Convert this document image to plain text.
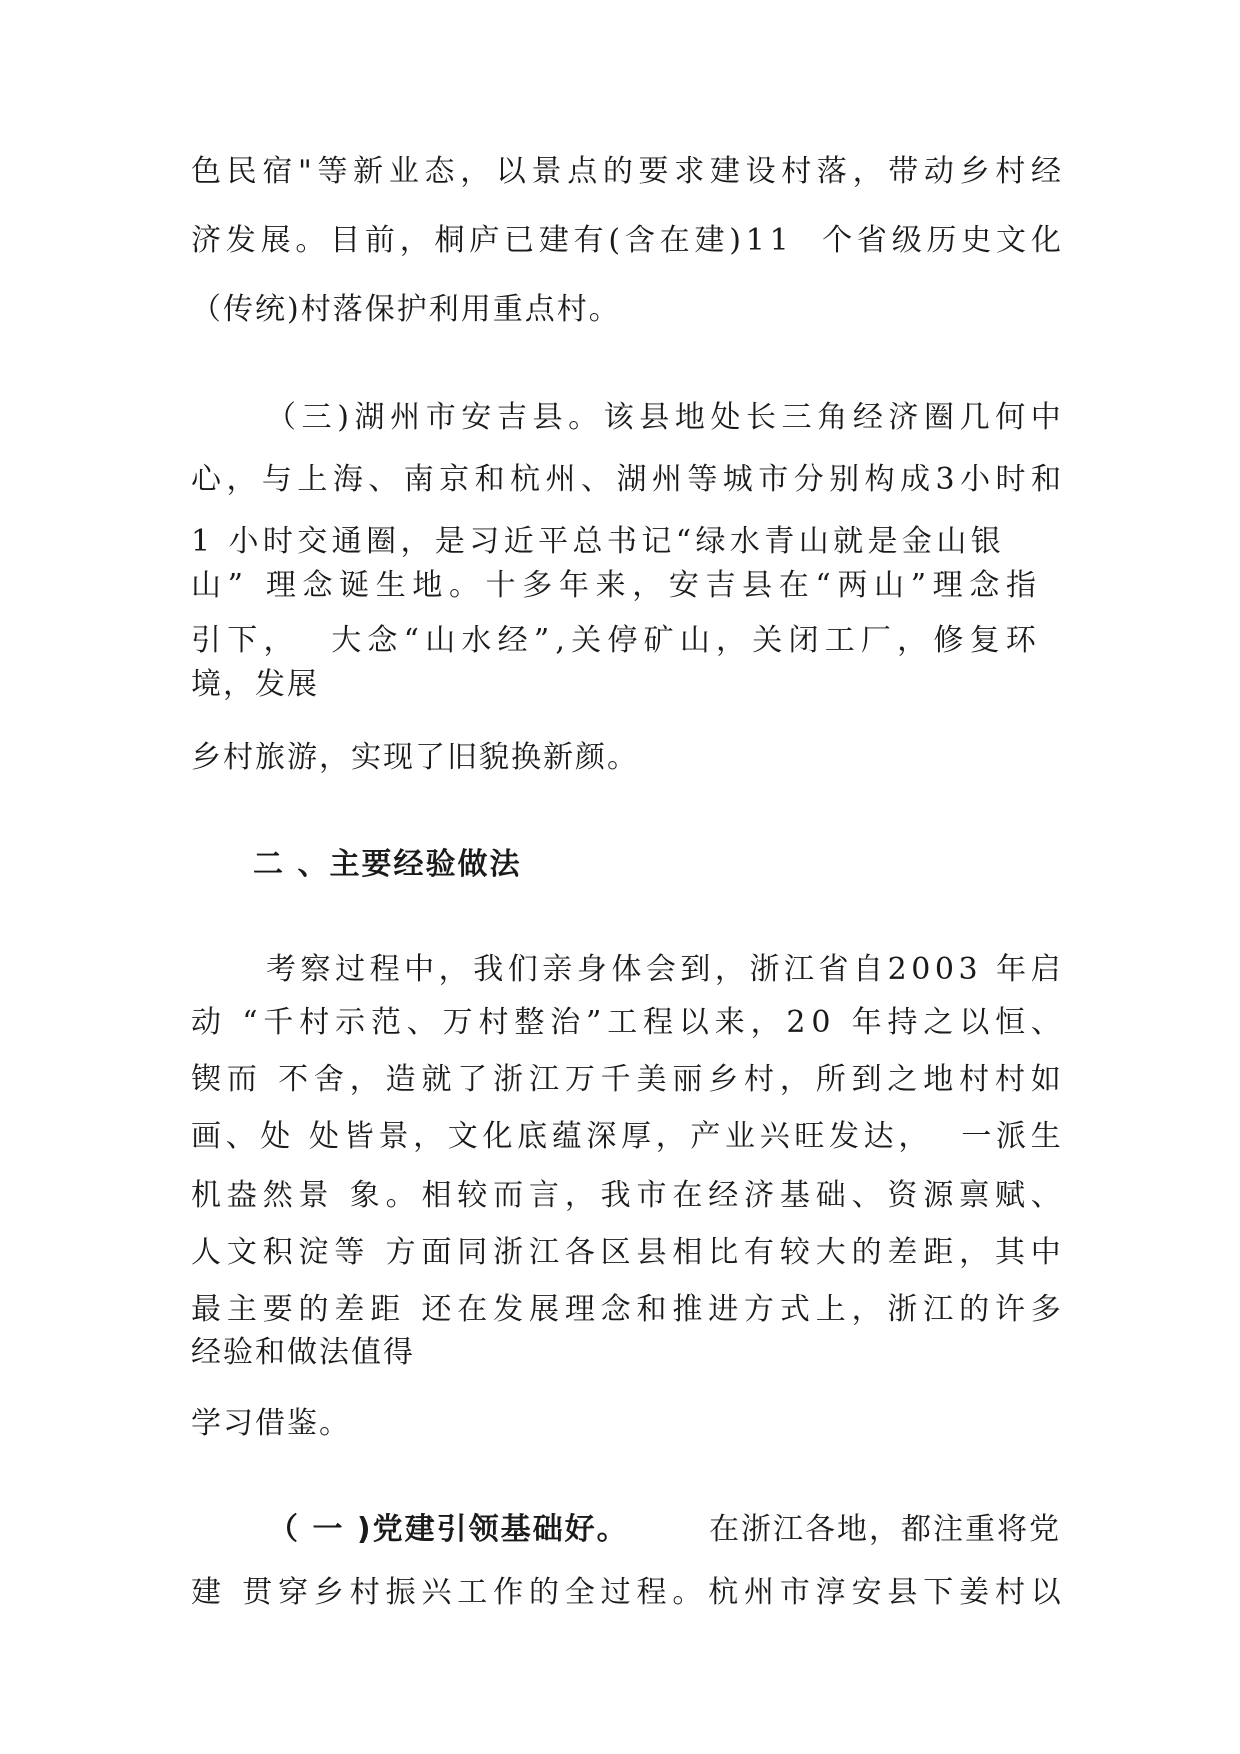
色 民 宿 " 等 新 业 态 ， 以 景 点 的 要 求 建 设 村 落 ， 带 动 乡 村 经
济 发 展 。 目 前 ， 桐 庐 已 建 有 ( 含 在 建 ) 1 1

个 省 级 历 史 文 化
（传统)村落保护利用重点村。
（ 三 ) 湖 州 市 安 吉 县 。 该 县 地 处 长 三 角 经 济 圈 几 何 中
心 ， 与 上 海 、 南 京 和 杭 州 、 湖 州 等 城 市 分 别 构 成 3 小 时 和
1
小 时 交 通 圈 ， 是 习 近 平 总 书 记 “ 绿 水 青 山 就 是 金 山 银
山 ”
理 念 诞 生 地 。 十 多 年 来 ， 安 吉 县 在 “ 两 山 ” 理 念 指
引 下 ，

大 念 “ 山 水 经 ” , 关 停 矿 山 ， 关 闭 工 厂 ， 修 复 环
境，发展
乡村旅游，实现了旧貌换新颜。
二 、主要经验做法
考 察 过 程 中 ， 我 们 亲 身 体 会 到 ， 浙 江 省 自 2 0 0 3
年 启
动
“ 千 村 示 范 、 万 村 整 治 ” 工 程 以 来 ， 2 0
年 持 之 以 恒 、
锲 而
不 舍 ， 造 就 了 浙 江 万 千 美 丽 乡 村 ， 所 到 之 地 村 村 如
画 、 处
处 皆 景 ， 文 化 底 蕴 深 厚 ， 产 业 兴 旺 发 达 ，

一 派 生
机 盎 然 景
象 。 相 较 而 言 ， 我 市 在 经 济 基 础 、 资 源 禀 赋 、
人 文 积 淀 等
方 面 同 浙 江 各 区 县 相 比 有 较 大 的 差 距 ， 其 中
最 主 要 的 差 距
还 在 发 展 理 念 和 推 进 方 式 上 ， 浙 江 的 许 多
经验和做法值得
学习借鉴。
（ 一 )党建引领基础好。	在浙江各地，都注重将党
建
贯 穿 乡 村 振 兴 工 作 的 全 过 程 。 杭 州 市 淳 安 县 下 姜 村 以
